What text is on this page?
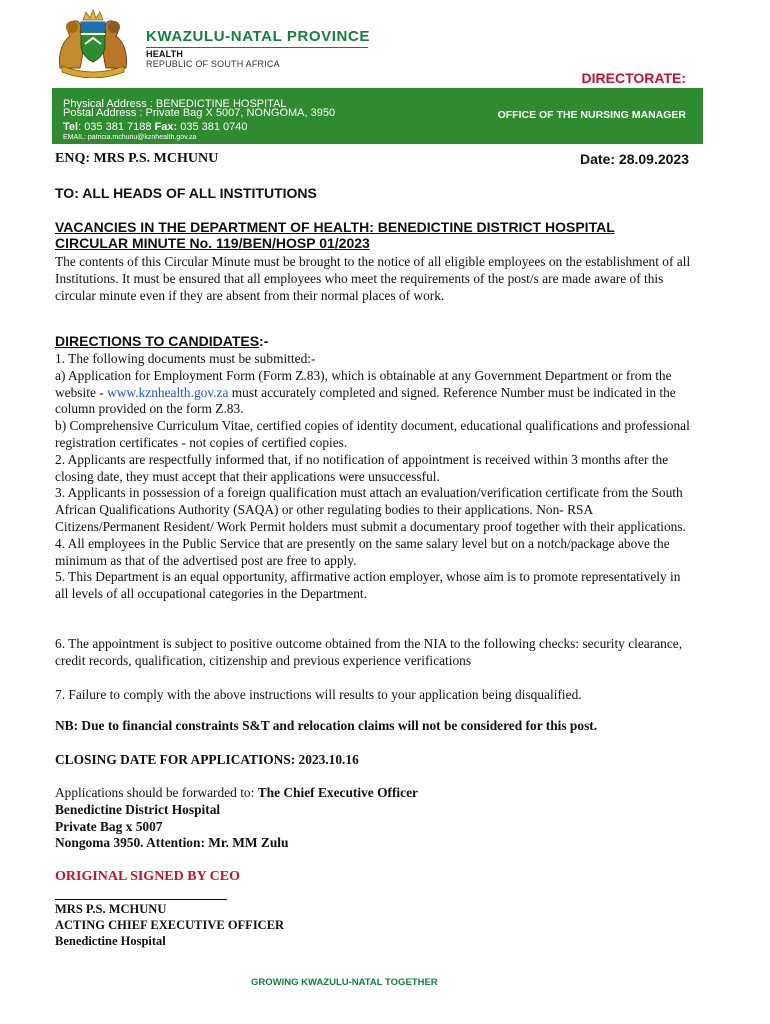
KWAZULU-NATAL PROVINCE
HEALTH
REPUBLIC OF SOUTH AFRICA
DIRECTORATE:
Physical Address : BENEDICTINE HOSPITAL
Postal Address : Private Bag X 5007, NONGOMA, 3950
Tel: 035 381 7188 Fax: 035 381 0740
EMAIL: patricia.mchunu@kznhealth.gov.za
OFFICE OF THE NURSING MANAGER
ENQ: MRS P.S. MCHUNU	Date: 28.09.2023
TO: ALL HEADS OF ALL INSTITUTIONS
VACANCIES IN THE DEPARTMENT OF HEALTH: BENEDICTINE DISTRICT HOSPITAL
CIRCULAR MINUTE No. 119/BEN/HOSP 01/2023
The contents of this Circular Minute must be brought to the notice of all eligible employees on the establishment of all Institutions. It must be ensured that all employees who meet the requirements of the post/s are made aware of this circular minute even if they are absent from their normal places of work.
DIRECTIONS TO CANDIDATES:-
1. The following documents must be submitted:-
a) Application for Employment Form (Form Z.83), which is obtainable at any Government Department or from the website - www.kznhealth.gov.za must accurately completed and signed. Reference Number must be indicated in the column provided on the form Z.83.
b) Comprehensive Curriculum Vitae, certified copies of identity document, educational qualifications and professional registration certificates - not copies of certified copies.
2. Applicants are respectfully informed that, if no notification of appointment is received within 3 months after the closing date, they must accept that their applications were unsuccessful.
3. Applicants in possession of a foreign qualification must attach an evaluation/verification certificate from the South African Qualifications Authority (SAQA) or other regulating bodies to their applications. Non- RSA Citizens/Permanent Resident/ Work Permit holders must submit a documentary proof together with their applications.
4. All employees in the Public Service that are presently on the same salary level but on a notch/package above the minimum as that of the advertised post are free to apply.
5. This Department is an equal opportunity, affirmative action employer, whose aim is to promote representatively in all levels of all occupational categories in the Department.
6. The appointment is subject to positive outcome obtained from the NIA to the following checks: security clearance, credit records, qualification, citizenship and previous experience verifications
7. Failure to comply with the above instructions will results to your application being disqualified.
NB: Due to financial constraints S&T and relocation claims will not be considered for this post.
CLOSING DATE FOR APPLICATIONS: 2023.10.16
Applications should be forwarded to: The Chief Executive Officer
Benedictine District Hospital
Private Bag x 5007
Nongoma 3950. Attention: Mr. MM Zulu
ORIGINAL SIGNED BY CEO
MRS P.S. MCHUNU
ACTING CHIEF EXECUTIVE OFFICER
Benedictine Hospital
GROWING KWAZULU-NATAL TOGETHER
